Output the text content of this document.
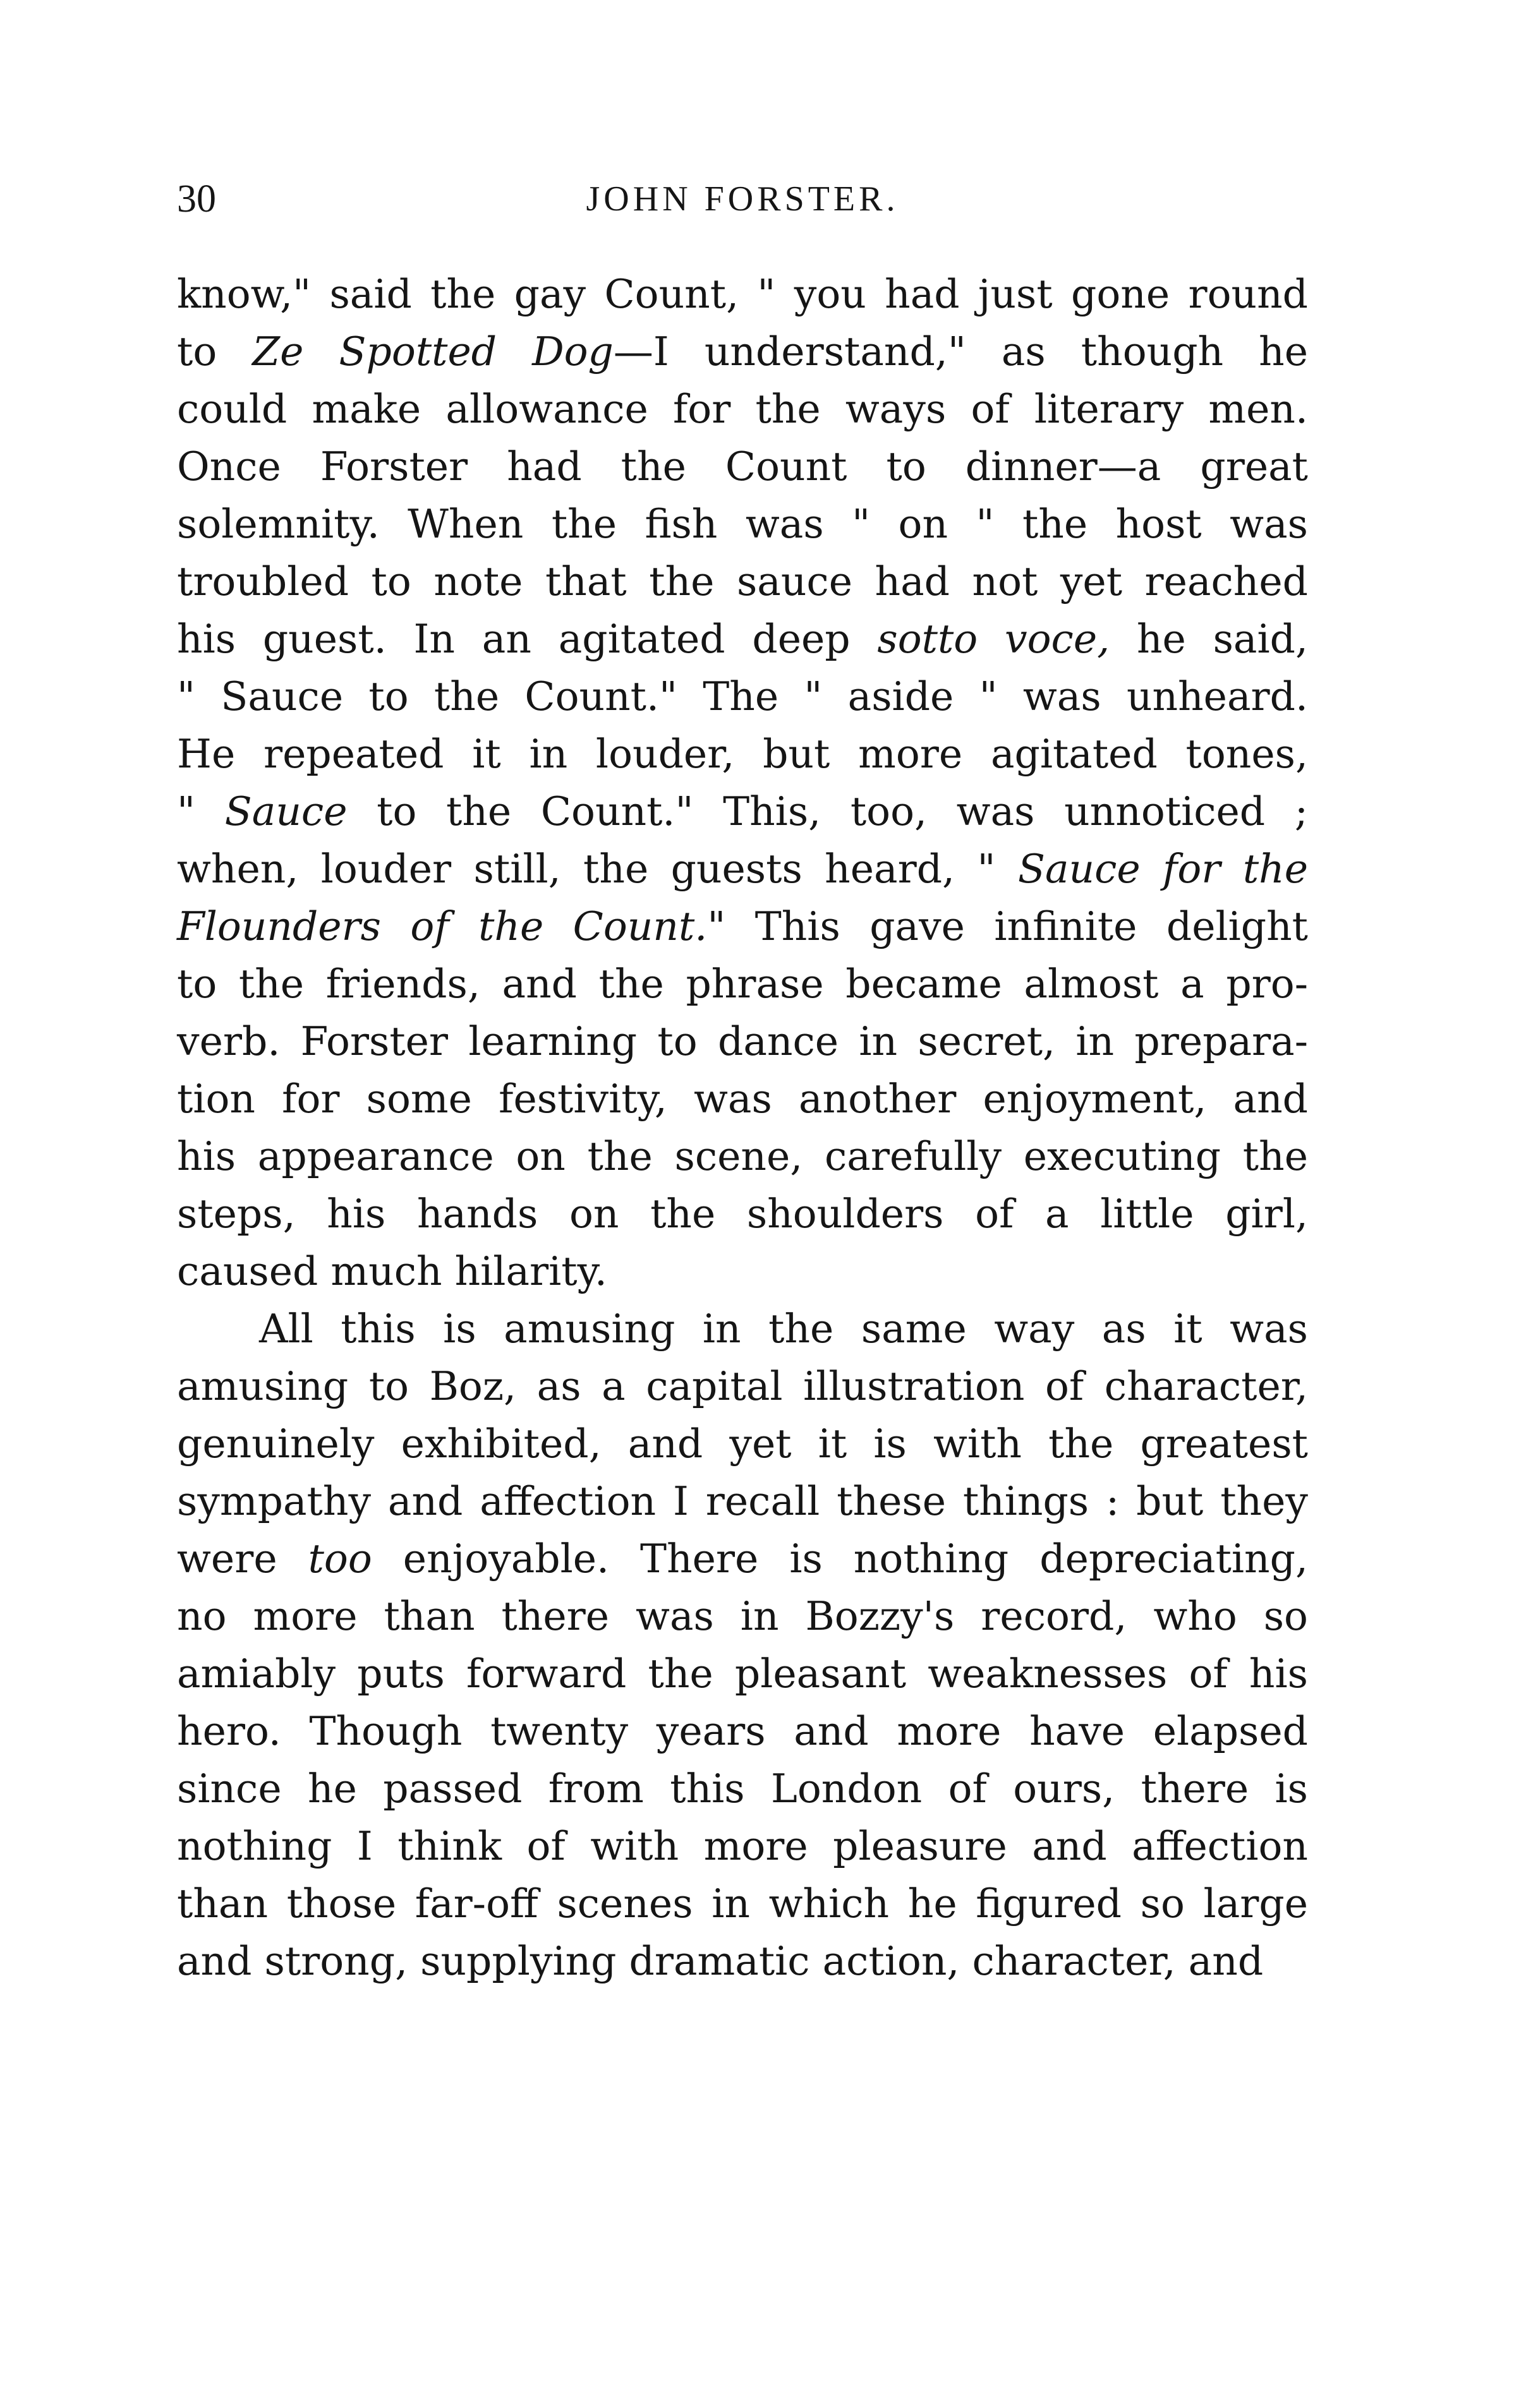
30	JOHN FORSTER.
know," said the gay Count, " you had just gone round
to Ze Spotted Dog—I understand," as though he
could make allowance for the ways of literary men.
Once Forster had the Count to dinner—a great
solemnity. When the fish was " on " the host was
troubled to note that the sauce had not yet reached
his guest. In an agitated deep sotto voce, he said,
" Sauce to the Count." The " aside " was unheard.
He repeated it in louder, but more agitated tones,
" Sauce to the Count." This, too, was unnoticed ;
when, louder still, the guests heard, " Sauce for the
Flounders of the Count." This gave infinite delight
to the friends, and the phrase became almost a pro-
verb. Forster learning to dance in secret, in prepara-
tion for some festivity, was another enjoyment, and
his appearance on the scene, carefully executing the
steps, his hands on the shoulders of a little girl,
caused much hilarity.
All this is amusing in the same way as it was
amusing to Boz, as a capital illustration of character,
genuinely exhibited, and yet it is with the greatest
sympathy and affection I recall these things : but they
were too enjoyable. There is nothing depreciating,
no more than there was in Bozzy's record, who so
amiably puts forward the pleasant weaknesses of his
hero. Though twenty years and more have elapsed
since he passed from this London of ours, there is
nothing I think of with more pleasure and affection
than those far-off scenes in which he figured so large
and strong, supplying dramatic action, character, and
